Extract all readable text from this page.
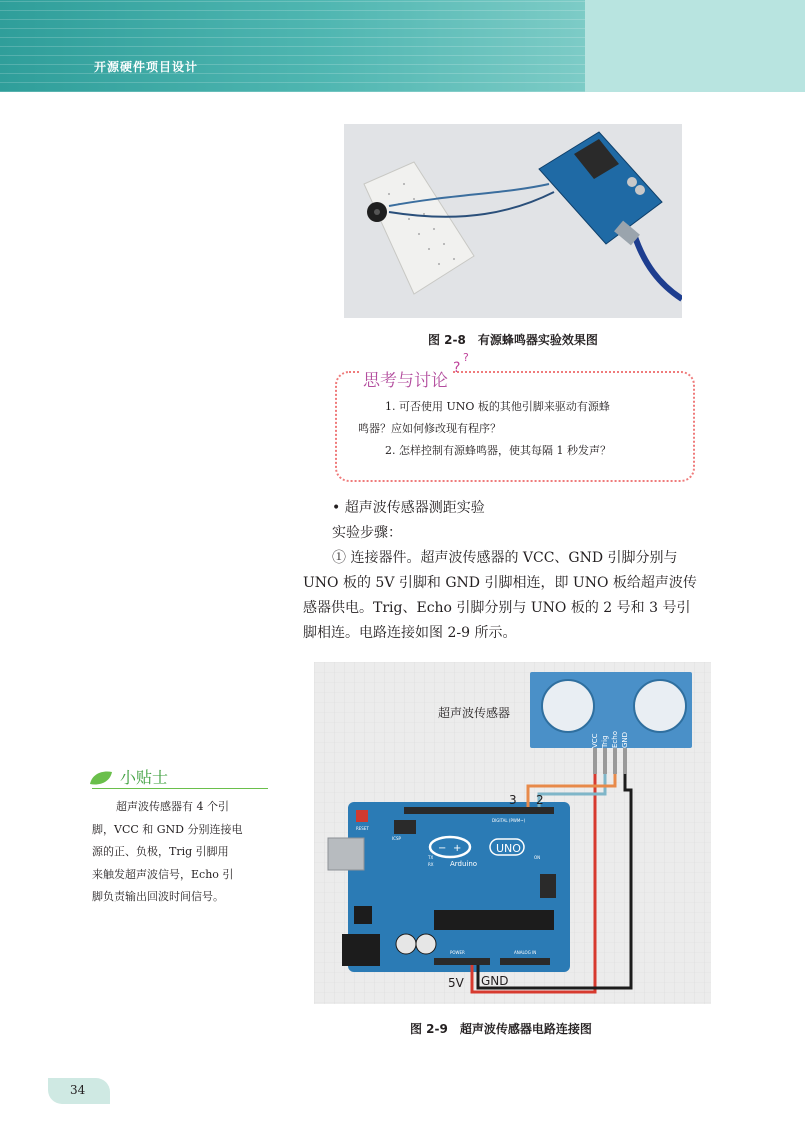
开源硬件项目设计
图 2-8　有源蜂鸣器实验效果图
思考与讨论
?
?
1. 可否使用 UNO 板的其他引脚来驱动有源蜂
鸣器？应如何修改现有程序？
2. 怎样控制有源蜂鸣器，使其每隔 1 秒发声？
• 超声波传感器测距实验
实验步骤：
① 连接器件。超声波传感器的 VCC、GND 引脚分别与
UNO 板的 5V 引脚和 GND 引脚相连，即 UNO 板给超声波传
感器供电。Trig、Echo 引脚分别与 UNO 板的 2 号和 3 号引
脚相连。电路连接如图 2-9 所示。
超声波传感器
VCC Trig Echo GND
RESET
DIGITAL (PWM~)
ICSP
− +	UNO
Arduino
TX
RX
ON
POWER	ANALOG IN
3 2
5V GND
图 2-9　超声波传感器电路连接图
小贴士
超声波传感器有 4 个引
脚，VCC 和 GND 分别连接电
源的正、负极，Trig 引脚用
来触发超声波信号，Echo 引
脚负责输出回波时间信号。
34
